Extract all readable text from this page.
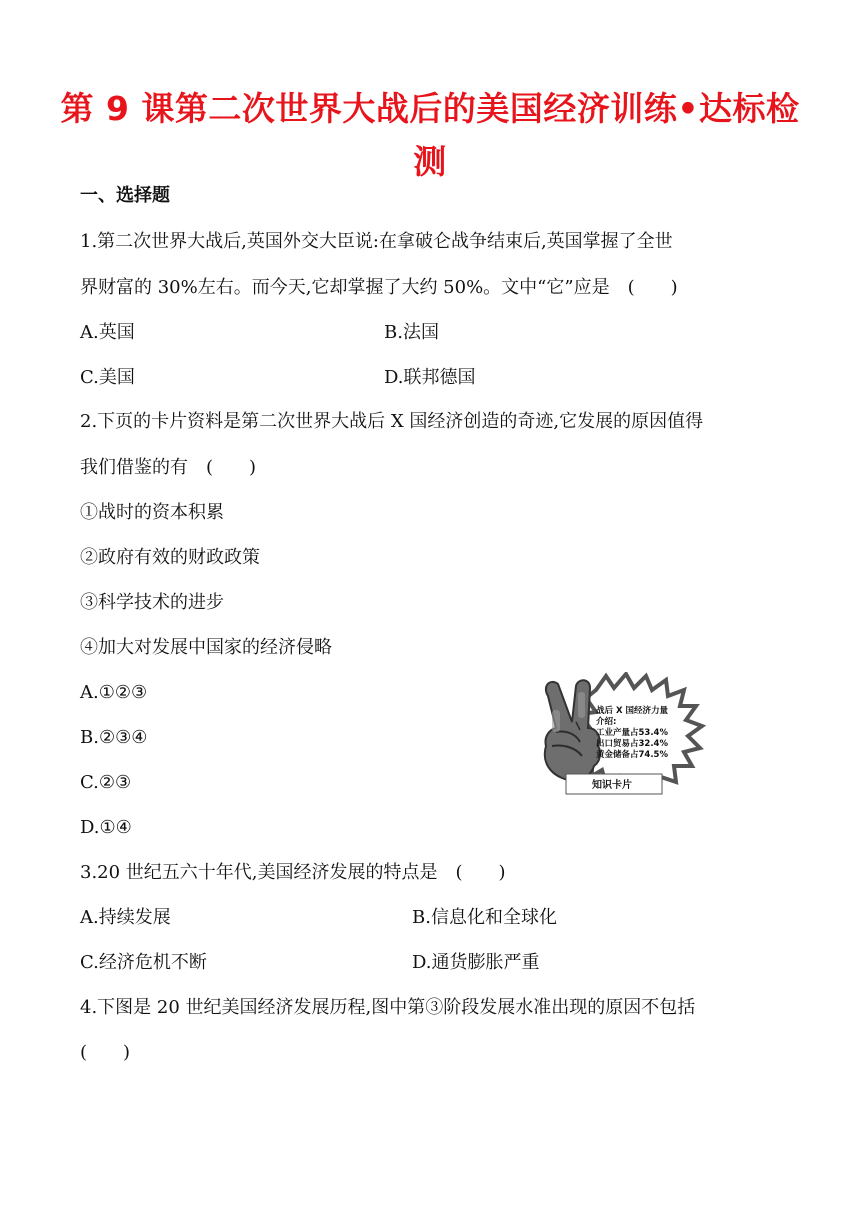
第 9 课第二次世界大战后的美国经济训练•达标检
测
一、选择题
1.第二次世界大战后,英国外交大臣说:在拿破仑战争结束后,英国掌握了全世
界财富的 30%左右。而今天,它却掌握了大约 50%。文中“它”应是　(　　)
A.英国	B.法国
C.美国	D.联邦德国
2.下页的卡片资料是第二次世界大战后 X 国经济创造的奇迹,它发展的原因值得
我们借鉴的有　(　　)
①战时的资本积累
②政府有效的财政政策
③科学技术的进步
④加大对发展中国家的经济侵略
A.①②③
B.②③④
C.②③
D.①④
战后 X 国经济力量
介绍:
工业产量占53.4%
出口贸易占32.4%
黄金储备占74.5%
知识卡片
3.20 世纪五六十年代,美国经济发展的特点是　(　　)
A.持续发展	B.信息化和全球化
C.经济危机不断	D.通货膨胀严重
4.下图是 20 世纪美国经济发展历程,图中第③阶段发展水准出现的原因不包括
(　　)
